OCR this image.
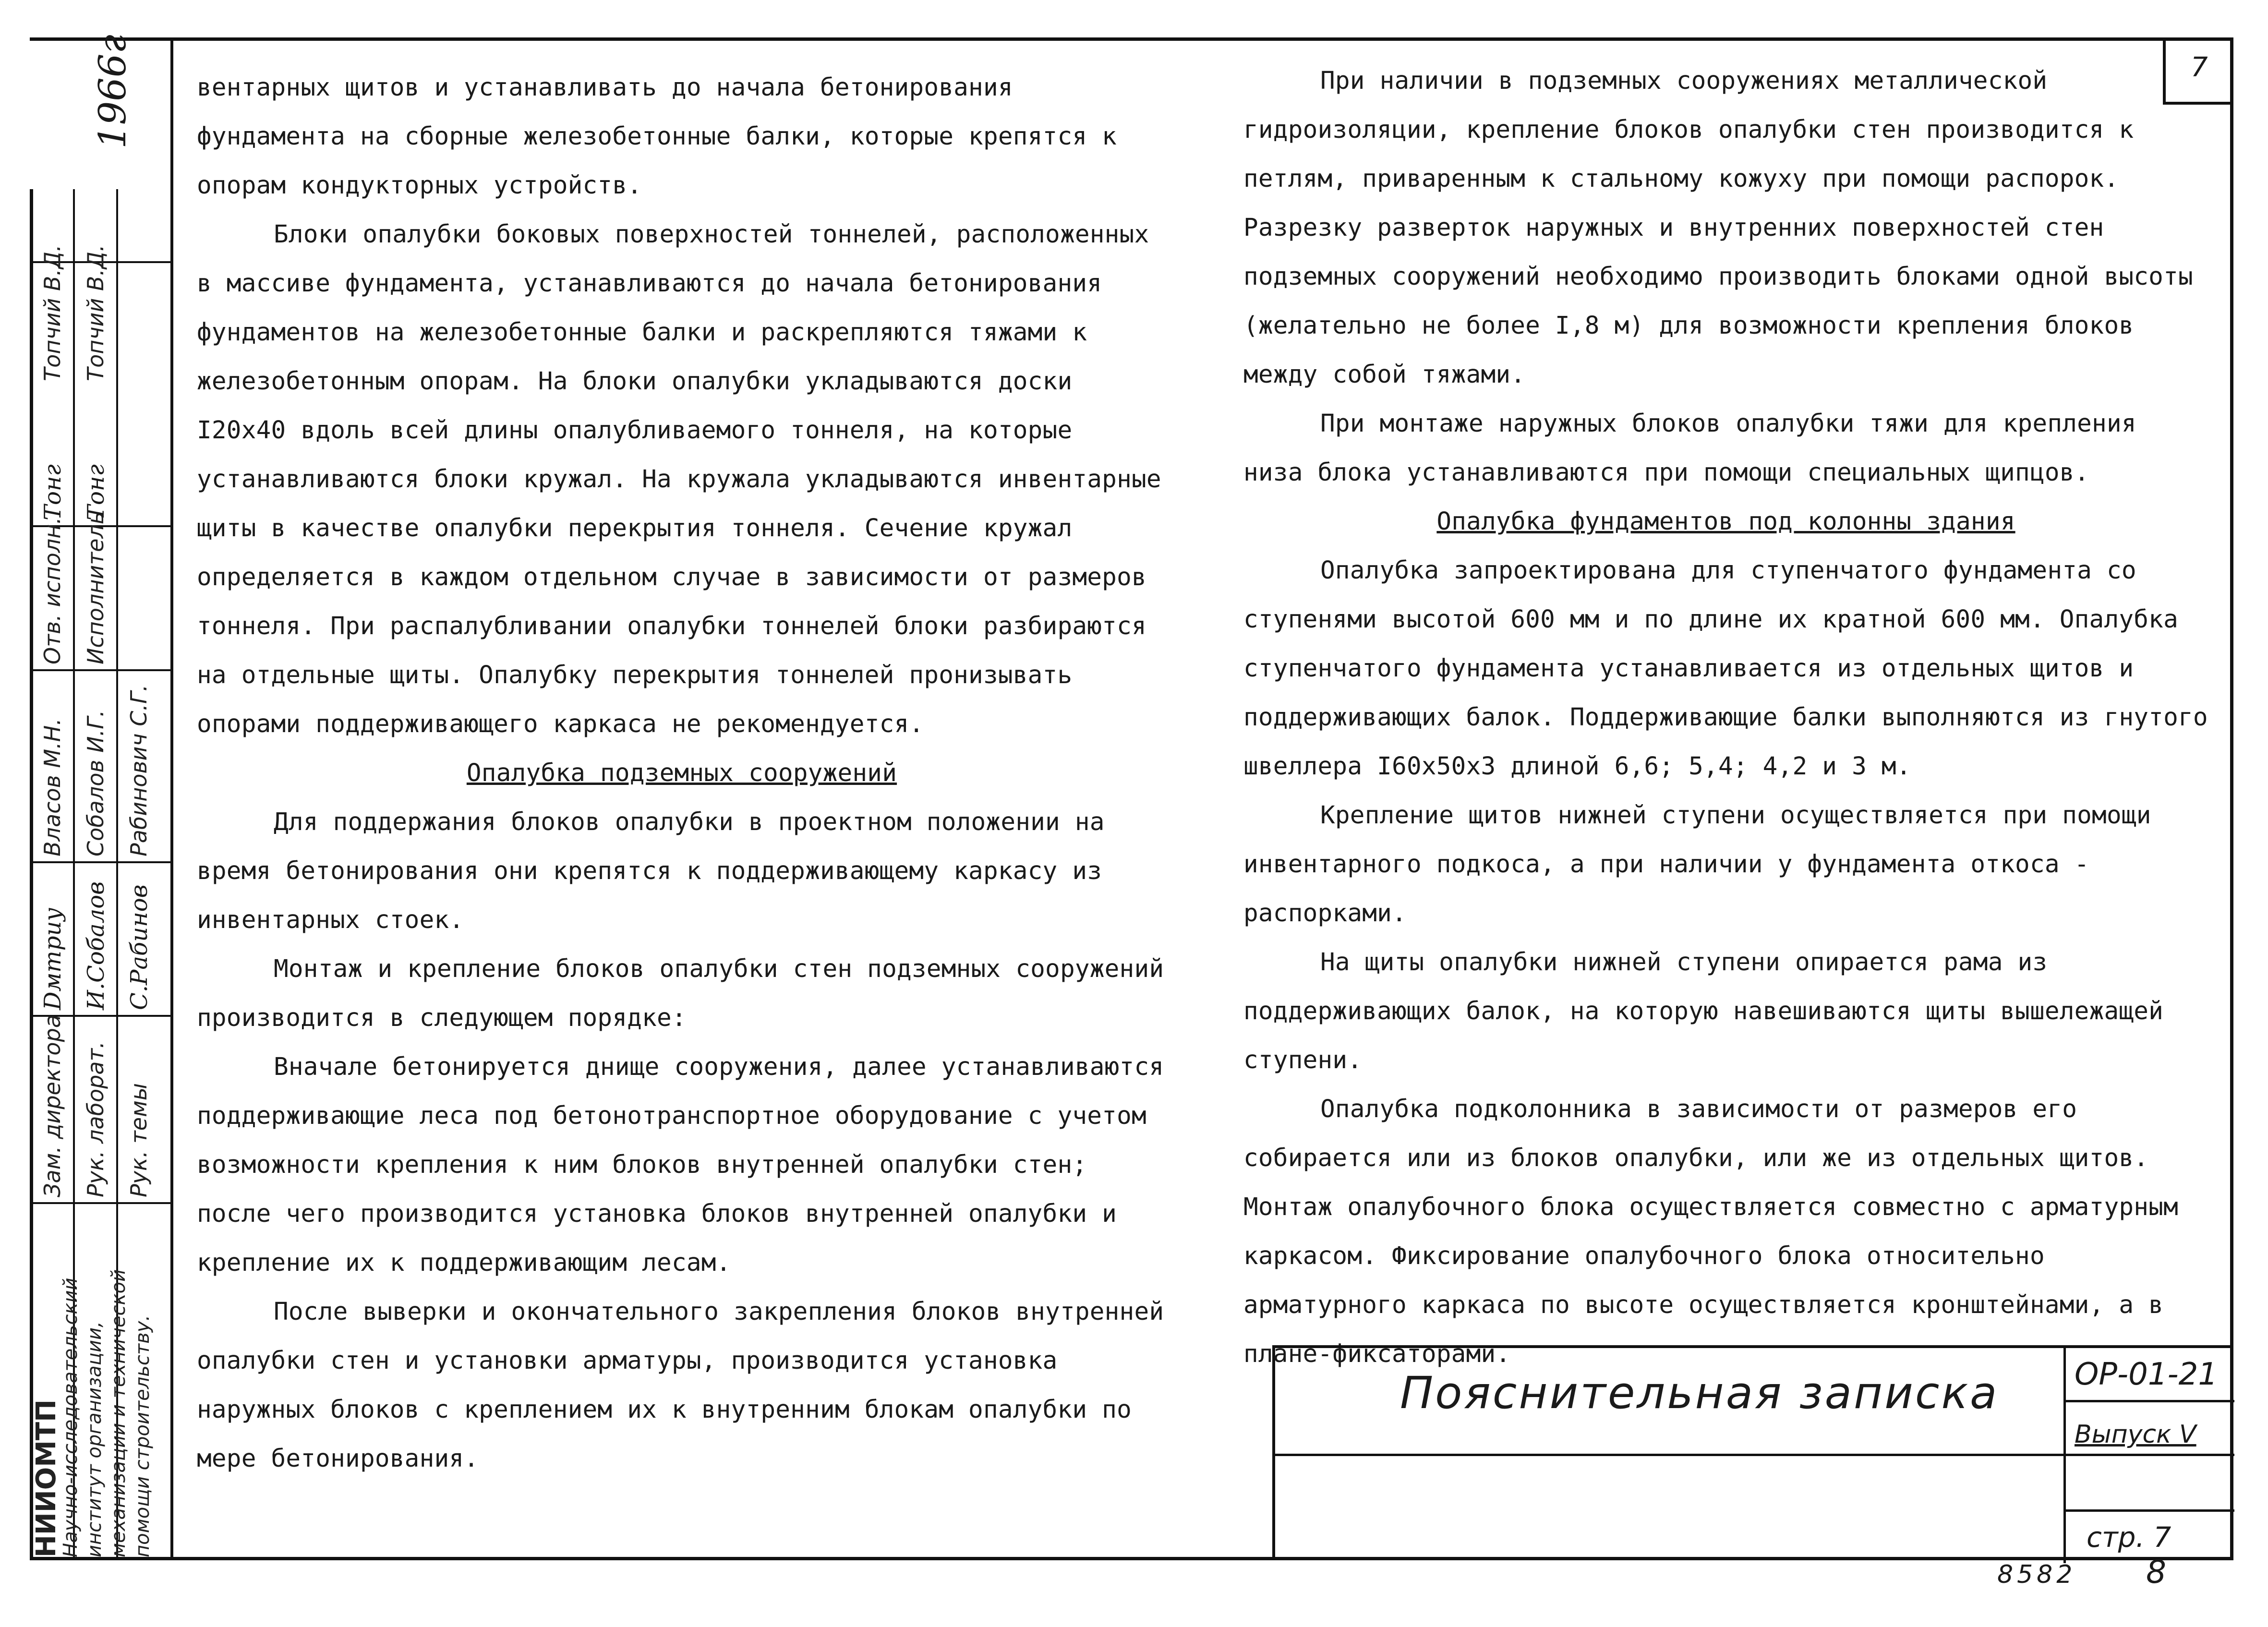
1966г
НИИОМТП
Научно-исследовательский институт организации, механизации и технической помощи строительству.
Зам. директора Рук. лаборат. Рук. темы
Dмmрuy И.Собалов С.Рабинов
Власов М.Н. Собалов И.Г. Рабинович С.Г.
Отв. исполн. Исполнитель
Тонг Тонг
Топчий В.Д. Топчий В.Д.
7

вентарных щитов и устанавливать до начала бетонирования фундамента на сборные железобетонные балки, которые крепятся к опорам кондукторных устройств.

Блоки опалубки боковых поверхностей тоннелей, расположенных в массиве фундамента, устанавливаются до начала бетонирования фундаментов на железобетонные балки и раскрепляются тяжами к железобетонным опорам. На блоки опалубки укладываются доски I20x40 вдоль всей длины опалубливаемого тоннеля, на которые устанавливаются блоки кружал. На кружала укладываются инвентарные щиты в качестве опалубки перекрытия тоннеля. Сечение кружал определяется в каждом отдельном случае в зависимости от размеров тоннеля. При распалубливании опалубки тоннелей блоки разбираются на отдельные щиты. Опалубку перекрытия тоннелей пронизывать опорами поддерживающего каркаса не рекомендуется.

Опалубка подземных сооружений

Для поддержания блоков опалубки в проектном положении на время бетонирования они крепятся к поддерживающему каркасу из инвентарных стоек.

Монтаж и крепление блоков опалубки стен подземных сооружений производится в следующем порядке:

Вначале бетонируется днище сооружения, далее устанавливаются поддерживающие леса под бетонотранспортное оборудование с учетом возможности крепления к ним блоков внутренней опалубки стен; после чего производится установка блоков внутренней опалубки и крепление их к поддерживающим лесам.

После выверки и окончательного закрепления блоков внутренней опалубки стен и установки арматуры, производится установка наружных блоков с креплением их к внутренним блокам опалубки по мере бетонирования.

При наличии в подземных сооружениях металлической гидроизоляции, крепление блоков опалубки стен производится к петлям, приваренным к стальному кожуху при помощи распорок. Разрезку разверток наружных и внутренних поверхностей стен подземных сооружений необходимо производить блоками одной высоты (желательно не более I,8 м) для возможности крепления блоков между собой тяжами.

При монтаже наружных блоков опалубки тяжи для крепления низа блока устанавливаются при помощи специальных щипцов.

Опалубка фундаментов под колонны здания

Опалубка запроектирована для ступенчатого фундамента со ступенями высотой 600 мм и по длине их кратной 600 мм. Опалубка ступенчатого фундамента устанавливается из отдельных щитов и поддерживающих балок. Поддерживающие балки выполняются из гнутого швеллера I60x50x3 длиной 6,6; 5,4; 4,2 и 3 м.

Крепление щитов нижней ступени осуществляется при помощи инвентарного подкоса, а при наличии у фундамента откоса - распорками.

На щиты опалубки нижней ступени опирается рама из поддерживающих балок, на которую навешиваются щиты вышележащей ступени.

Опалубка подколонника в зависимости от размеров его собирается или из блоков опалубки, или же из отдельных щитов.

Монтаж опалубочного блока осуществляется совместно с арматурным каркасом. Фиксирование опалубочного блока относительно арматурного каркаса по высоте осуществляется кронштейнами, а в плане-фиксаторами.

Пояснительная записка ОР-01-21
Выпуск V
стр. 7
8582 8
